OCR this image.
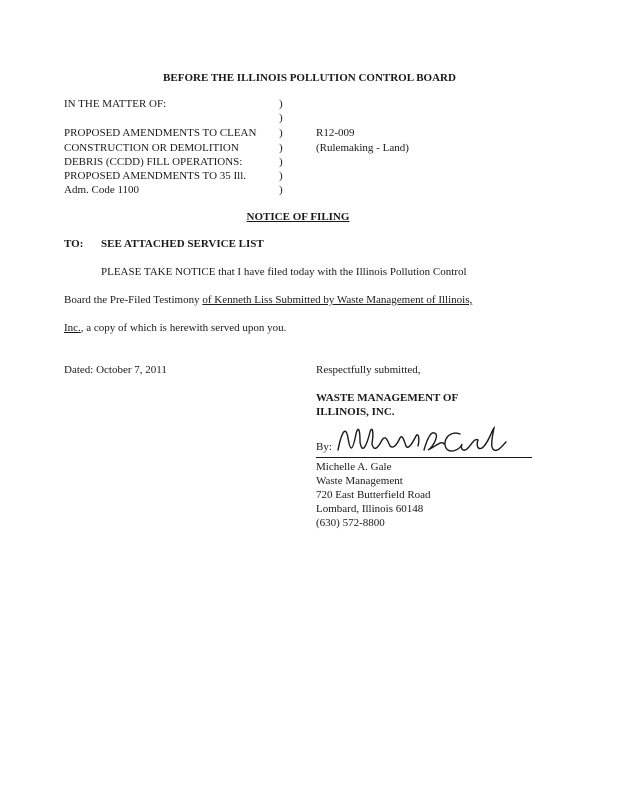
BEFORE THE ILLINOIS POLLUTION CONTROL BOARD
IN THE MATTER OF:
PROPOSED AMENDMENTS TO CLEAN
CONSTRUCTION OR DEMOLITION
DEBRIS (CCDD) FILL OPERATIONS:
PROPOSED AMENDMENTS TO 35 Ill.
Adm. Code 1100
)
)
)
)
)
)
)
R12-009
(Rulemaking - Land)
NOTICE OF FILING
TO: SEE ATTACHED SERVICE LIST
PLEASE TAKE NOTICE that I have filed today with the Illinois Pollution Control
Board the Pre-Filed Testimony of Kenneth Liss Submitted by Waste Management of Illinois,
Inc., a copy of which is herewith served upon you.
Dated: October 7, 2011	Respectfully submitted,
WASTE MANAGEMENT OF
ILLINOIS, INC.
By:
Michelle A. Gale
Waste Management
720 East Butterfield Road
Lombard, Illinois 60148
(630) 572-8800
